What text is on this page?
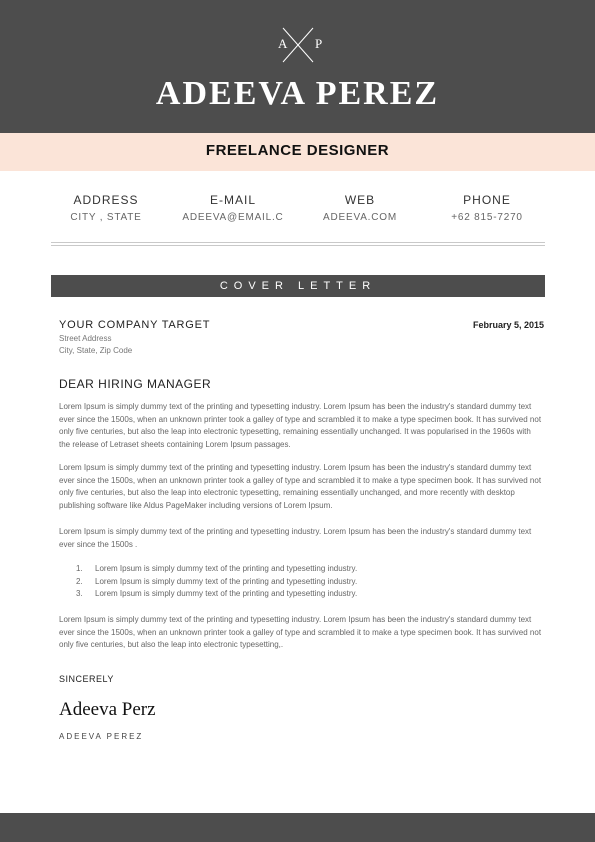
A P
ADEEVA PEREZ
FREELANCE DESIGNER
ADDRESS
CITY , STATE
E-MAIL
ADEEVA@EMAIL.C
WEB
ADEEVA.COM
PHONE
+62 815-7270
COVER LETTER
YOUR COMPANY TARGET	February 5, 2015
Street Address
City, State, Zip Code
DEAR HIRING MANAGER

Lorem Ipsum is simply dummy text of the printing and typesetting industry. Lorem Ipsum has been the industry's standard dummy text ever since the 1500s, when an unknown printer took a galley of type and scrambled it to make a type specimen book. It has survived not only five centuries, but also the leap into electronic typesetting, remaining essentially unchanged. It was popularised in the 1960s with the release of Letraset sheets containing Lorem Ipsum passages.

Lorem Ipsum is simply dummy text of the printing and typesetting industry. Lorem Ipsum has been the industry's standard dummy text ever since the 1500s, when an unknown printer took a galley of type and scrambled it to make a type specimen book. It has survived not only five centuries, but also the leap into electronic typesetting, remaining essentially unchanged, and more recently with desktop publishing software like Aldus PageMaker including versions of Lorem Ipsum.

Lorem Ipsum is simply dummy text of the printing and typesetting industry. Lorem Ipsum has been the industry's standard dummy text ever since the 1500s .

1. Lorem Ipsum is simply dummy text of the printing and typesetting industry.
2. Lorem Ipsum is simply dummy text of the printing and typesetting industry.
3. Lorem Ipsum is simply dummy text of the printing and typesetting industry.

Lorem Ipsum is simply dummy text of the printing and typesetting industry. Lorem Ipsum has been the industry's standard dummy text ever since the 1500s, when an unknown printer took a galley of type and scrambled it to make a type specimen book. It has survived not only five centuries, but also the leap into electronic typesetting,.

SINCERELY
Adeeva Perz
ADEEVA PEREZ
